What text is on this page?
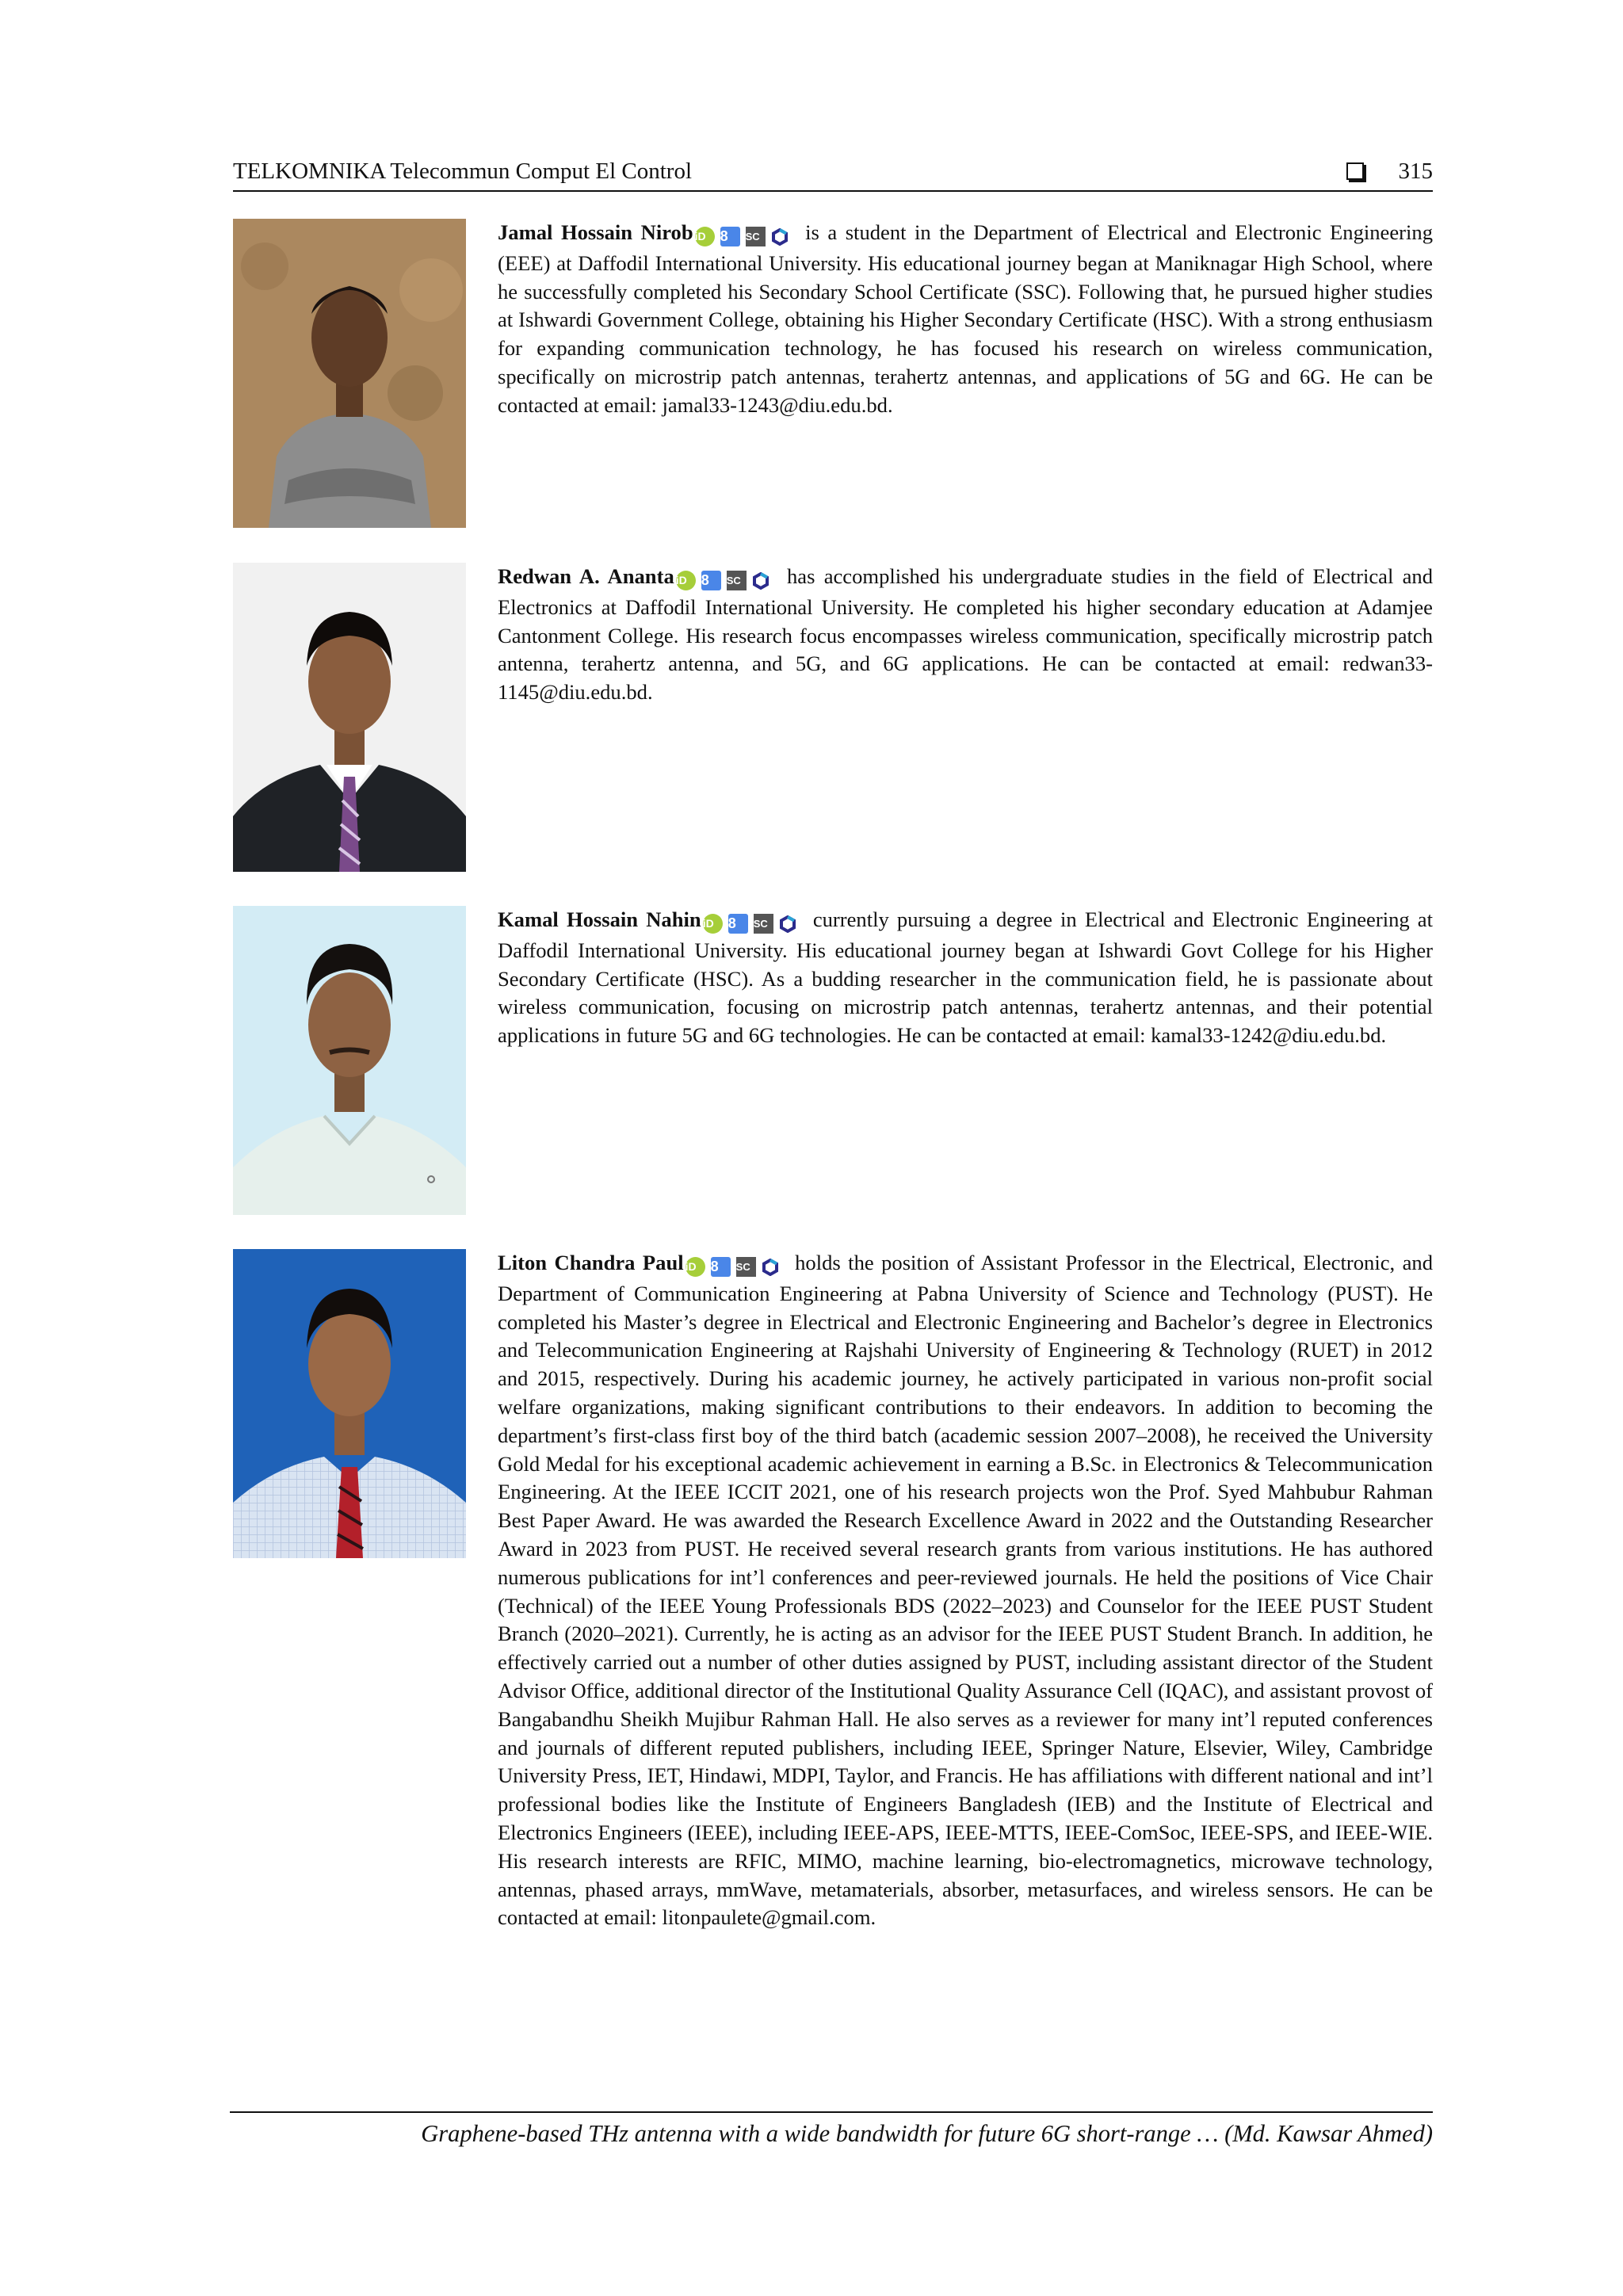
TELKOMNIKA Telecommun Comput El Control	315
Jamal Hossain Nirob iD 8 SC is a student in the Department of Electrical and Electronic Engineering (EEE) at Daffodil International University. His educational journey began at Maniknagar High School, where he successfully completed his Secondary School Certificate (SSC). Following that, he pursued higher studies at Ishwardi Government College, obtaining his Higher Secondary Certificate (HSC). With a strong enthusiasm for expanding communication technology, he has focused his research on wireless communication, specifically on microstrip patch antennas, terahertz antennas, and applications of 5G and 6G. He can be contacted at email: jamal33-1243@diu.edu.bd.
Redwan A. Ananta iD 8 SC has accomplished his undergraduate studies in the field of Electrical and Electronics at Daffodil International University. He completed his higher secondary education at Adamjee Cantonment College. His research focus encompasses wireless communication, specifically microstrip patch antenna, terahertz antenna, and 5G, and 6G applications. He can be contacted at email: redwan33-1145@diu.edu.bd.
Kamal Hossain Nahin iD 8 SC currently pursuing a degree in Electrical and Electronic Engineering at Daffodil International University. His educational journey began at Ishwardi Govt College for his Higher Secondary Certificate (HSC). As a budding researcher in the communication field, he is passionate about wireless communication, focusing on microstrip patch antennas, terahertz antennas, and their potential applications in future 5G and 6G technologies. He can be contacted at email: kamal33-1242@diu.edu.bd.
Liton Chandra Paul iD 8 SC holds the position of Assistant Professor in the Electrical, Electronic, and Department of Communication Engineering at Pabna University of Science and Technology (PUST). He completed his Master’s degree in Electrical and Electronic Engineering and Bachelor’s degree in Electronics and Telecommunication Engineering at Rajshahi University of Engineering & Technology (RUET) in 2012 and 2015, respectively. During his academic journey, he actively participated in various non-profit social welfare organizations, making significant contributions to their endeavors. In addition to becoming the department’s first-class first boy of the third batch (academic session 2007–2008), he received the University Gold Medal for his exceptional academic achievement in earning a B.Sc. in Electronics & Telecommunication Engineering. At the IEEE ICCIT 2021, one of his research projects won the Prof. Syed Mahbubur Rahman Best Paper Award. He was awarded the Research Excellence Award in 2022 and the Outstanding Researcher Award in 2023 from PUST. He received several research grants from various institutions. He has authored numerous publications for int’l conferences and peer-reviewed journals. He held the positions of Vice Chair (Technical) of the IEEE Young Professionals BDS (2022–2023) and Counselor for the IEEE PUST Student Branch (2020–2021). Currently, he is acting as an advisor for the IEEE PUST Student Branch. In addition, he effectively carried out a number of other duties assigned by PUST, including assistant director of the Student Advisor Office, additional director of the Institutional Quality Assurance Cell (IQAC), and assistant provost of Bangabandhu Sheikh Mujibur Rahman Hall. He also serves as a reviewer for many int’l reputed conferences and journals of different reputed publishers, including IEEE, Springer Nature, Elsevier, Wiley, Cambridge University Press, IET, Hindawi, MDPI, Taylor, and Francis. He has affiliations with different national and int’l professional bodies like the Institute of Engineers Bangladesh (IEB) and the Institute of Electrical and Electronics Engineers (IEEE), including IEEE-APS, IEEE-MTTS, IEEE-ComSoc, IEEE-SPS, and IEEE-WIE. His research interests are RFIC, MIMO, machine learning, bio-electromagnetics, microwave technology, antennas, phased arrays, mmWave, metamaterials, absorber, metasurfaces, and wireless sensors. He can be contacted at email: litonpaulete@gmail.com.
Graphene-based THz antenna with a wide bandwidth for future 6G short-range … (Md. Kawsar Ahmed)
